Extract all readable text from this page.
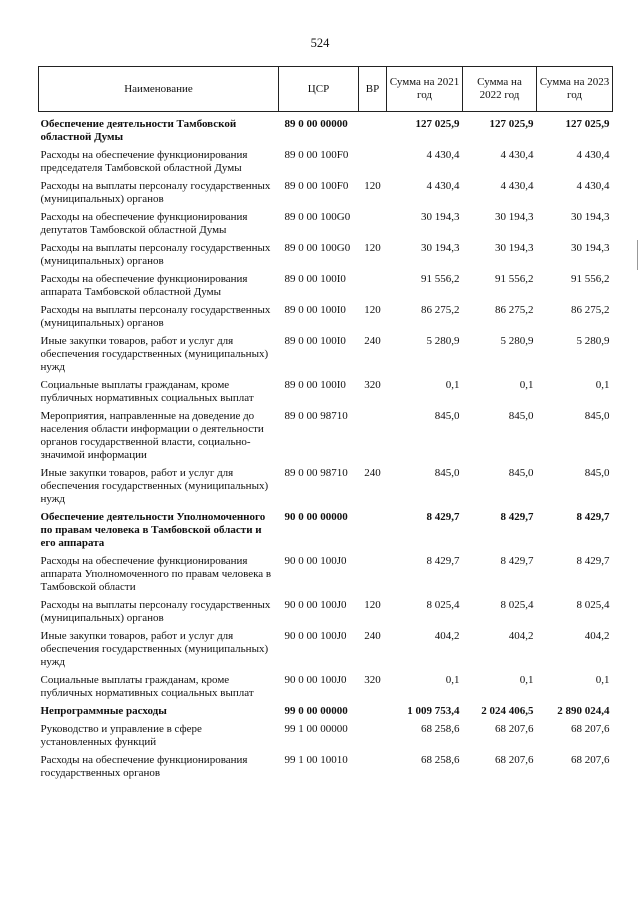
524
Наименование	ЦСР	ВР	Сумма на 2021 год	Сумма на 2022 год	Сумма на 2023 год
Обеспечение деятельности Тамбовской областной Думы	89 0 00 00000		127 025,9	127 025,9	127 025,9
Расходы на обеспечение функционирования председателя Тамбовской областной Думы	89 0 00 100F0		4 430,4	4 430,4	4 430,4
Расходы на выплаты персоналу государственных (муниципальных) органов	89 0 00 100F0	120	4 430,4	4 430,4	4 430,4
Расходы на обеспечение функционирования депутатов Тамбовской областной Думы	89 0 00 100G0		30 194,3	30 194,3	30 194,3
Расходы на выплаты персоналу государственных (муниципальных) органов	89 0 00 100G0	120	30 194,3	30 194,3	30 194,3
Расходы на обеспечение функционирования аппарата Тамбовской областной Думы	89 0 00 100I0		91 556,2	91 556,2	91 556,2
Расходы на выплаты персоналу государственных (муниципальных) органов	89 0 00 100I0	120	86 275,2	86 275,2	86 275,2
Иные закупки товаров, работ и услуг для обеспечения государственных (муниципальных) нужд	89 0 00 100I0	240	5 280,9	5 280,9	5 280,9
Социальные выплаты гражданам, кроме публичных нормативных социальных выплат	89 0 00 100I0	320	0,1	0,1	0,1
Мероприятия, направленные на доведение до населения области информации о деятельности органов государственной власти, социально-значимой информации	89 0 00 98710		845,0	845,0	845,0
Иные закупки товаров, работ и услуг для обеспечения государственных (муниципальных) нужд	89 0 00 98710	240	845,0	845,0	845,0
Обеспечение деятельности Уполномоченного по правам человека в Тамбовской области и его аппарата	90 0 00 00000		8 429,7	8 429,7	8 429,7
Расходы на обеспечение функционирования аппарата Уполномоченного по правам человека в Тамбовской области	90 0 00 100J0		8 429,7	8 429,7	8 429,7
Расходы на выплаты персоналу государственных (муниципальных) органов	90 0 00 100J0	120	8 025,4	8 025,4	8 025,4
Иные закупки товаров, работ и услуг для обеспечения государственных (муниципальных) нужд	90 0 00 100J0	240	404,2	404,2	404,2
Социальные выплаты гражданам, кроме публичных нормативных социальных выплат	90 0 00 100J0	320	0,1	0,1	0,1
Непрограммные расходы	99 0 00 00000		1 009 753,4	2 024 406,5	2 890 024,4
Руководство и управление в сфере установленных функций	99 1 00 00000		68 258,6	68 207,6	68 207,6
Расходы на обеспечение функционирования государственных органов	99 1 00 10010		68 258,6	68 207,6	68 207,6
